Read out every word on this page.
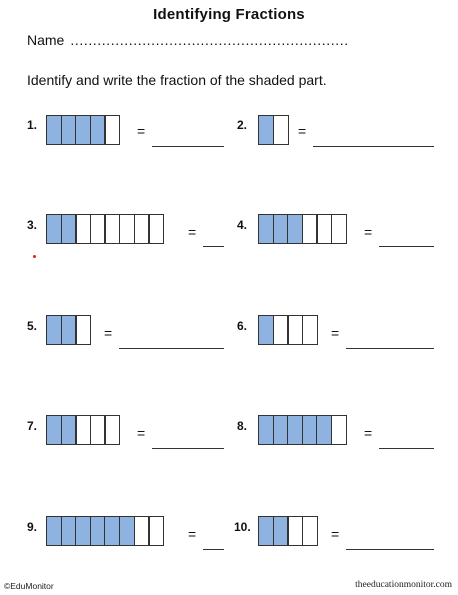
Identifying Fractions
Name ..............................................................
Identify and write the fraction of the shaded part.
1.	=	2.	=
3.	=	4.	=
5.	=	6.	=
7.	=	8.	=
9.	=	10.	=
©EduMonitor	theeducationmonitor.com
